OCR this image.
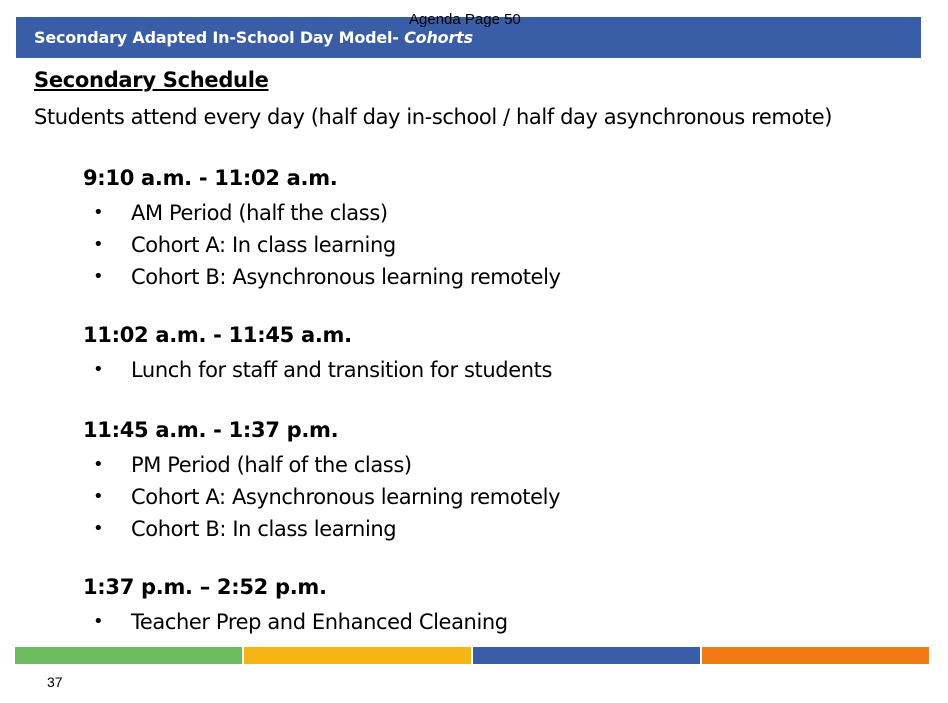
Agenda Page 50
Secondary Adapted In-School Day Model- Cohorts
Secondary Schedule
Students attend every day (half day in-school / half day asynchronous remote)
9:10 a.m. - 11:02 a.m.
• AM Period (half the class)
• Cohort A: In class learning
• Cohort B: Asynchronous learning remotely
11:02 a.m. - 11:45 a.m.
• Lunch for staff and transition for students
11:45 a.m. - 1:37 p.m.
• PM Period (half of the class)
• Cohort A: Asynchronous learning remotely
• Cohort B: In class learning
1:37 p.m. – 2:52 p.m.
• Teacher Prep and Enhanced Cleaning
37
